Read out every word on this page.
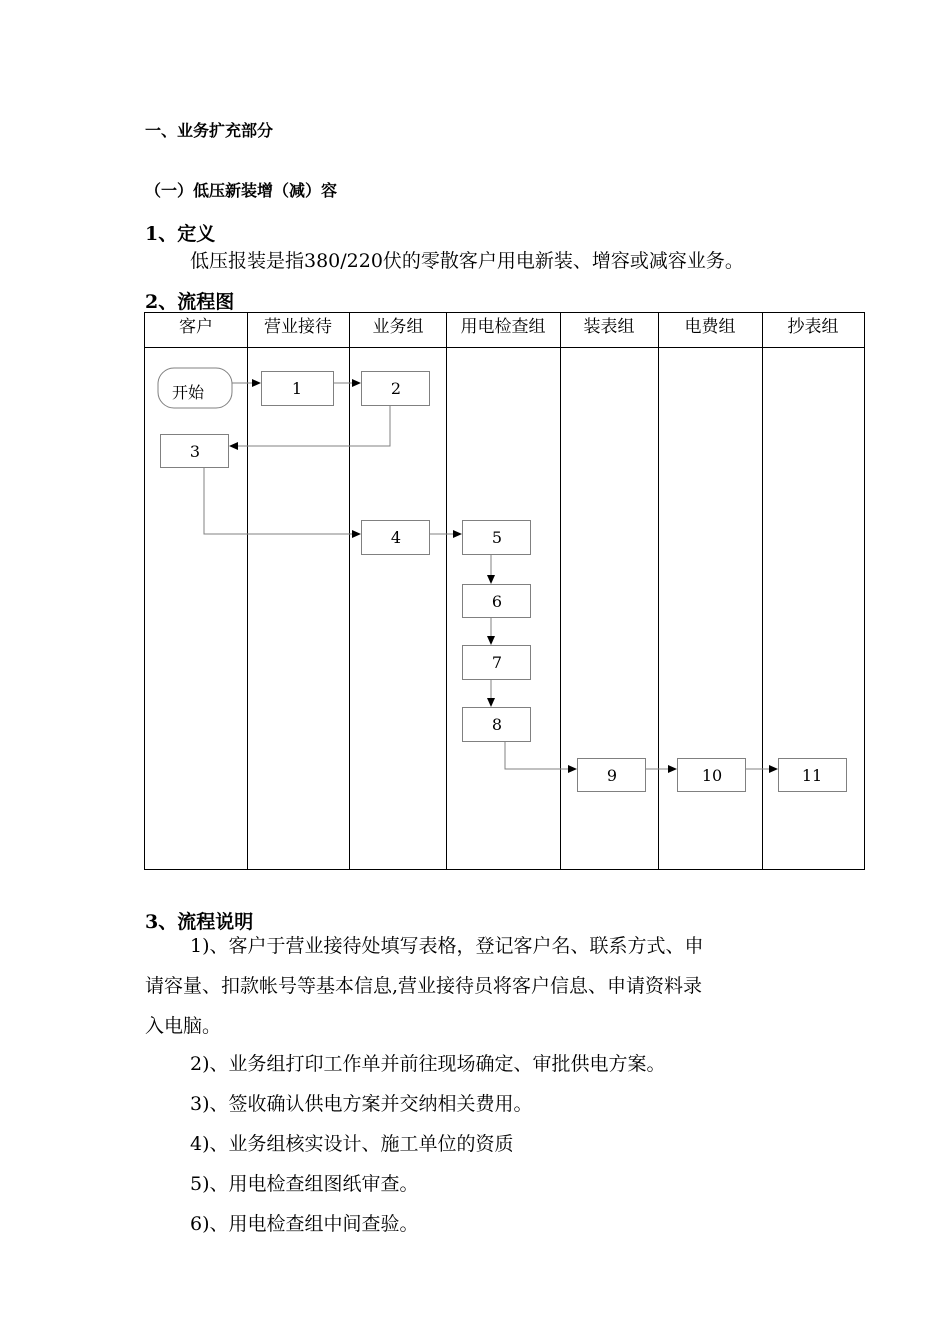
一、业务扩充部分
（一）低压新装增（减）容
1、定义
低压报装是指380/220伏的零散客户用电新装、增容或减容业务。
2、流程图
客户	营业接待 业务组 用电检查组 装表组	电费组	抄表组
开始	1	2
3
4	5
6
7
8
9	10	11
3、流程说明
1)、客户于营业接待处填写表格，登记客户名、联系方式、申
请容量、扣款帐号等基本信息,营业接待员将客户信息、申请资料录
入电脑。
2)、业务组打印工作单并前往现场确定、审批供电方案。
3)、签收确认供电方案并交纳相关费用。
4)、业务组核实设计、施工单位的资质
5)、用电检查组图纸审查。
6)、用电检查组中间查验。
